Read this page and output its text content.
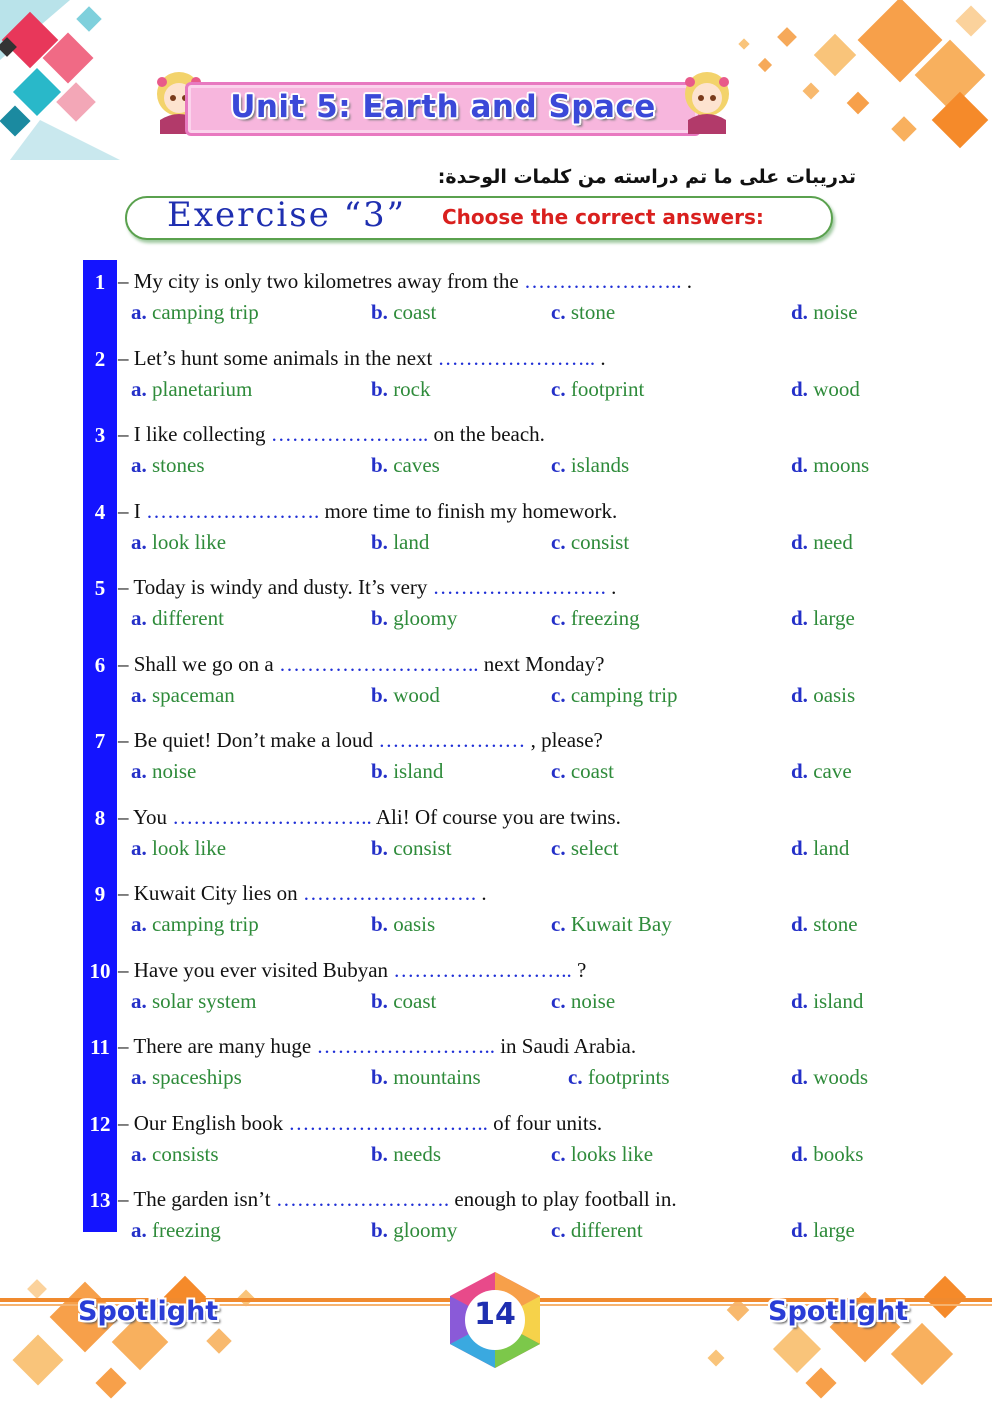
Unit 5: Earth and Space
تدريبات على ما تم دراسته من كلمات الوحدة:
Exercise “3” Choose the correct answers:
1 – My city is only two kilometres away from the ………………….. .
a. camping trip	b. coast	c. stone	d. noise
2 – Let’s hunt some animals in the next ………………….. .
a. planetarium	b. rock	c. footprint	d. wood
3 – I like collecting ………………….. on the beach.
a. stones	b. caves	c. islands	d. moons
4 – I ……………………. more time to finish my homework.
a. look like	b. land	c. consist	d. need
5 – Today is windy and dusty. It’s very ……………………. .
a. different	b. gloomy	c. freezing	d. large
6 – Shall we go on a ……………………….. next Monday?
a. spaceman	b. wood	c. camping trip	d. oasis
7 – Be quiet! Don’t make a loud ………………… , please?
a. noise	b. island	c. coast	d. cave
8 – You ……………………….. Ali! Of course you are twins.
a. look like	b. consist	c. select	d. land
9 – Kuwait City lies on ……………………. .
a. camping trip	b. oasis	c. Kuwait Bay	d. stone
10 – Have you ever visited Bubyan …………………….. ?
a. solar system	b. coast	c. noise	d. island
11 – There are many huge …………………….. in Saudi Arabia.
a. spaceships	b. mountains	c. footprints	d. woods
12 – Our English book ……………………….. of four units.
a. consists	b. needs	c. looks like	d. books
13 – The garden isn’t ……………………. enough to play football in.
a. freezing	b. gloomy	c. different	d. large
Spotlight	Spotlight
14
